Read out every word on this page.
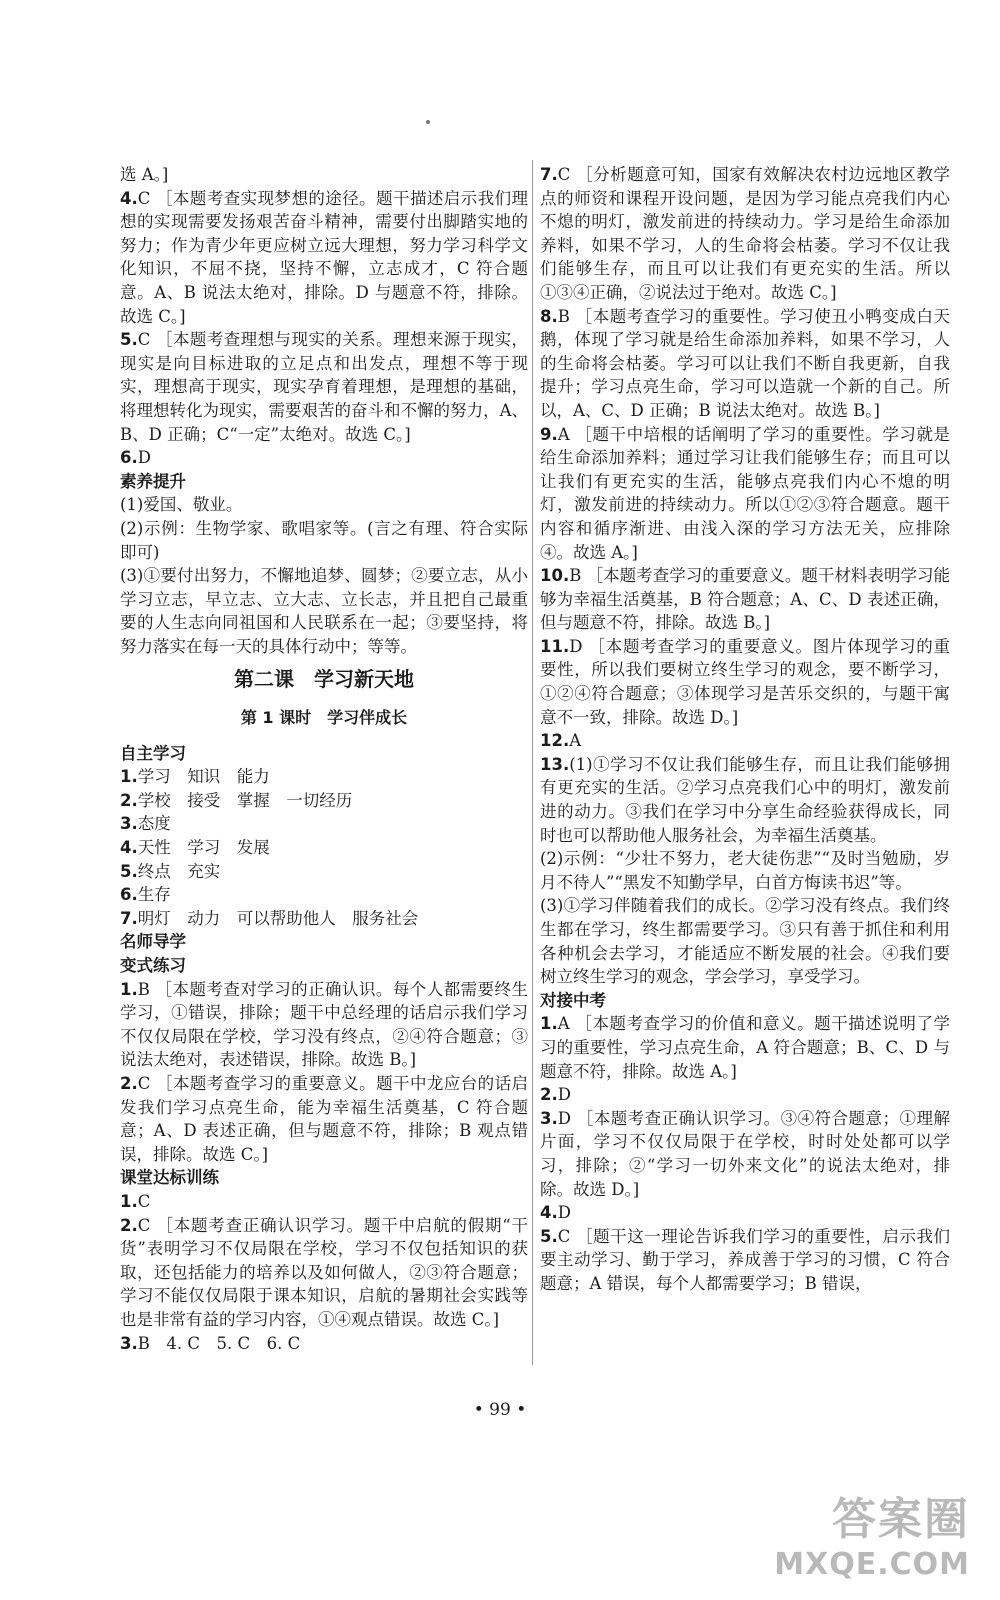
选 A。]
4.C ［本题考查实现梦想的途径。题干描述启示我们理想的实现需要发扬艰苦奋斗精神，需要付出脚踏实地的努力；作为青少年更应树立远大理想，努力学习科学文化知识，不屈不挠，坚持不懈，立志成才，C 符合题意。A、B 说法太绝对，排除。D 与题意不符，排除。故选 C。]
5.C ［本题考查理想与现实的关系。理想来源于现实，现实是向目标进取的立足点和出发点，理想不等于现实，理想高于现实，现实孕育着理想，是理想的基础，将理想转化为现实，需要艰苦的奋斗和不懈的努力，A、B、D 正确；C“一定”太绝对。故选 C。]
6.D
素养提升
(1)爱国、敬业。
(2)示例：生物学家、歌唱家等。(言之有理、符合实际即可)
(3)①要付出努力，不懈地追梦、圆梦；②要立志，从小学习立志，早立志、立大志、立长志，并且把自己最重要的人生志向同祖国和人民联系在一起；③要坚持，将努力落实在每一天的具体行动中；等等。
第二课　学习新天地
第 1 课时　学习伴成长
自主学习
1.学习　知识　能力
2.学校　接受　掌握　一切经历
3.态度
4.天性　学习　发展
5.终点　充实
6.生存
7.明灯　动力　可以帮助他人　服务社会
名师导学
变式练习
1.B ［本题考查对学习的正确认识。每个人都需要终生学习，①错误，排除；题干中总经理的话启示我们学习不仅仅局限在学校，学习没有终点，②④符合题意；③说法太绝对，表述错误，排除。故选 B。]
2.C ［本题考查学习的重要意义。题干中龙应台的话启发我们学习点亮生命，能为幸福生活奠基，C 符合题意；A、D 表述正确，但与题意不符，排除；B 观点错误，排除。故选 C。]
课堂达标训练
1.C
2.C ［本题考查正确认识学习。题干中启航的假期“干货”表明学习不仅局限在学校，学习不仅包括知识的获取，还包括能力的培养以及如何做人，②③符合题意；学习不能仅仅局限于课本知识，启航的暑期社会实践等也是非常有益的学习内容，①④观点错误。故选 C。]
3.B　4. C　5. C　6. C
7.C ［分析题意可知，国家有效解决农村边远地区教学点的师资和课程开设问题，是因为学习能点亮我们内心不熄的明灯，激发前进的持续动力。学习是给生命添加养料，如果不学习，人的生命将会枯萎。学习不仅让我们能够生存，而且可以让我们有更充实的生活。所以①③④正确，②说法过于绝对。故选 C。]
8.B ［本题考查学习的重要性。学习使丑小鸭变成白天鹅，体现了学习就是给生命添加养料，如果不学习，人的生命将会枯萎。学习可以让我们不断自我更新，自我提升；学习点亮生命，学习可以造就一个新的自己。所以，A、C、D 正确；B 说法太绝对。故选 B。]
9.A ［题干中培根的话阐明了学习的重要性。学习就是给生命添加养料；通过学习让我们能够生存；而且可以让我们有更充实的生活，能够点亮我们内心不熄的明灯，激发前进的持续动力。所以①②③符合题意。题干内容和循序渐进、由浅入深的学习方法无关，应排除④。故选 A。]
10.B ［本题考查学习的重要意义。题干材料表明学习能够为幸福生活奠基，B 符合题意；A、C、D 表述正确，但与题意不符，排除。故选 B。]
11.D ［本题考查学习的重要意义。图片体现学习的重要性，所以我们要树立终生学习的观念，要不断学习，①②④符合题意；③体现学习是苦乐交织的，与题干寓意不一致，排除。故选 D。]
12.A
13.(1)①学习不仅让我们能够生存，而且让我们能够拥有更充实的生活。②学习点亮我们心中的明灯，激发前进的动力。③我们在学习中分享生命经验获得成长，同时也可以帮助他人服务社会，为幸福生活奠基。
(2)示例：“少壮不努力，老大徒伤悲”“及时当勉励，岁月不待人”“黑发不知勤学早，白首方悔读书迟”等。
(3)①学习伴随着我们的成长。②学习没有终点。我们终生都在学习，终生都需要学习。③只有善于抓住和利用各种机会去学习，才能适应不断发展的社会。④我们要树立终生学习的观念，学会学习，享受学习。
对接中考
1.A ［本题考查学习的价值和意义。题干描述说明了学习的重要性，学习点亮生命，A 符合题意；B、C、D 与题意不符，排除。故选 A。]
2.D
3.D ［本题考查正确认识学习。③④符合题意；①理解片面，学习不仅仅局限于在学校，时时处处都可以学习，排除；②“学习一切外来文化”的说法太绝对，排除。故选 D。]
4.D
5.C ［题干这一理论告诉我们学习的重要性，启示我们要主动学习、勤于学习，养成善于学习的习惯，C 符合题意；A 错误，每个人都需要学习；B 错误，
• 99 •
答案圈
MXQE.COM
